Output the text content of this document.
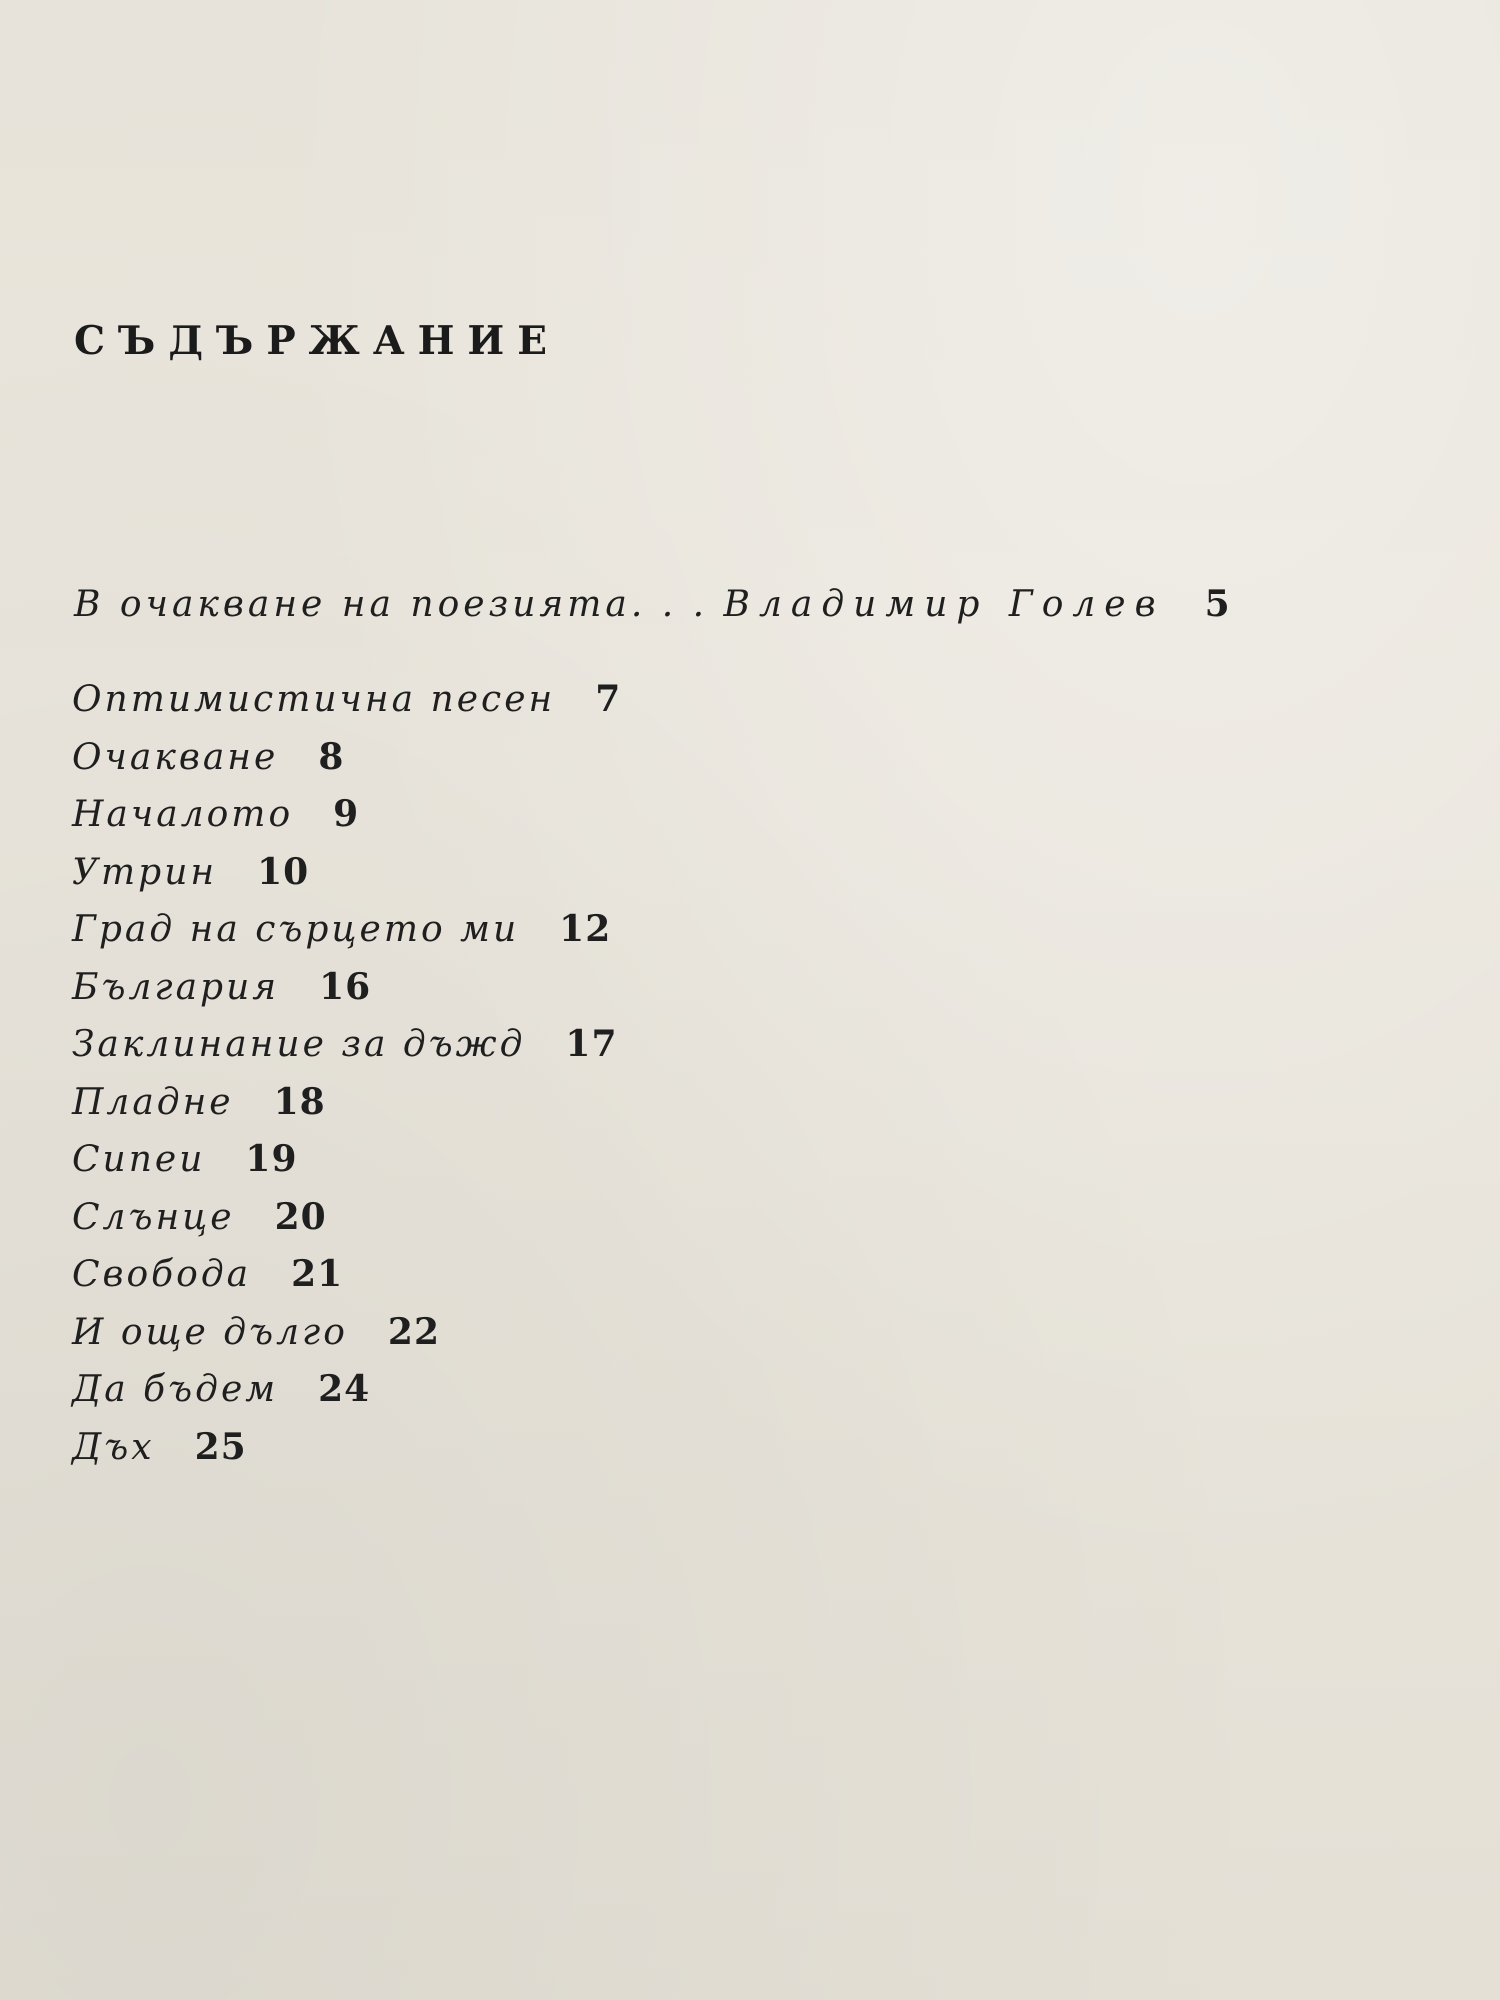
СЪДЪРЖАНИЕ
В очакване на поезията. . . Владимир Голев 5
Оптимистична песен 7
Очакване 8
Началото 9
Утрин 10
Град на сърцето ми 12
България 16
Заклинание за дъжд 17
Пладне 18
Сипеи 19
Слънце 20
Свобода 21
И още дълго 22
Да бъдем 24
Дъх 25
